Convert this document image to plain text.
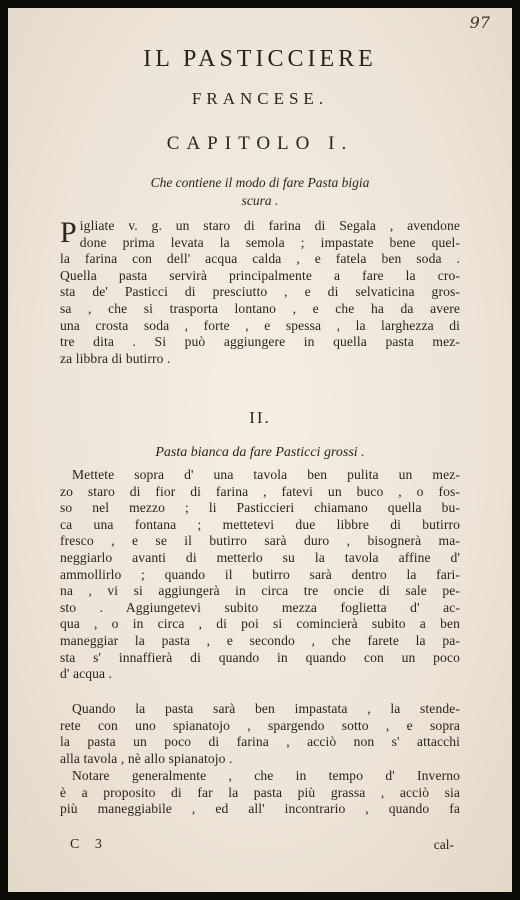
97
IL PASTICCIERE
FRANCESE.
CAPITOLO I.
Che contiene il modo di fare Pasta bigia
scura .
P igliate v. g. un staro di farina di Segala , avendone
done prima levata la semola ; impastate bene quel-
la farina con dell' acqua calda , e fatela ben soda .
Quella pasta servirà principalmente a fare la cro-
sta de' Pasticci di presciutto , e di selvaticina gros-
sa , che si trasporta lontano , e che ha da avere
una crosta soda , forte , e spessa , la larghezza di
tre dita . Si può aggiungere in quella pasta mez-
za libbra di butirro .
II.
Pasta bianca da fare Pasticci grossi .
Mettete sopra d' una tavola ben pulita un mez-
zo staro di fior di farina , fatevi un buco , o fos-
so nel mezzo ; li Pasticcieri chiamano quella bu-
ca una fontana ; mettetevi due libbre di butirro
fresco , e se il butirro sarà duro , bisognerà ma-
neggiarlo avanti di metterlo su la tavola affine d'
ammollirlo ; quando il butirro sarà dentro la fari-
na , vi si aggiungerà in circa tre oncie di sale pe-
sto . Aggiungetevi subito mezza foglietta d' ac-
qua , o in circa , di poi si comincierà subito a ben
maneggiar la pasta , e secondo , che farete la pa-
sta s' innaffierà di quando in quando con un poco
d' acqua .
Quando la pasta sarà ben impastata , la stende-
rete con uno spianatojo , spargendo sotto , e sopra
la pasta un poco di farina , acciò non s' attacchi
alla tavola , nè allo spianatojo .
Notare generalmente , che in tempo d' Inverno
è a proposito di far la pasta più grassa , acciò sia
più maneggiabile , ed all' incontrario , quando fa
C 3	cal-
